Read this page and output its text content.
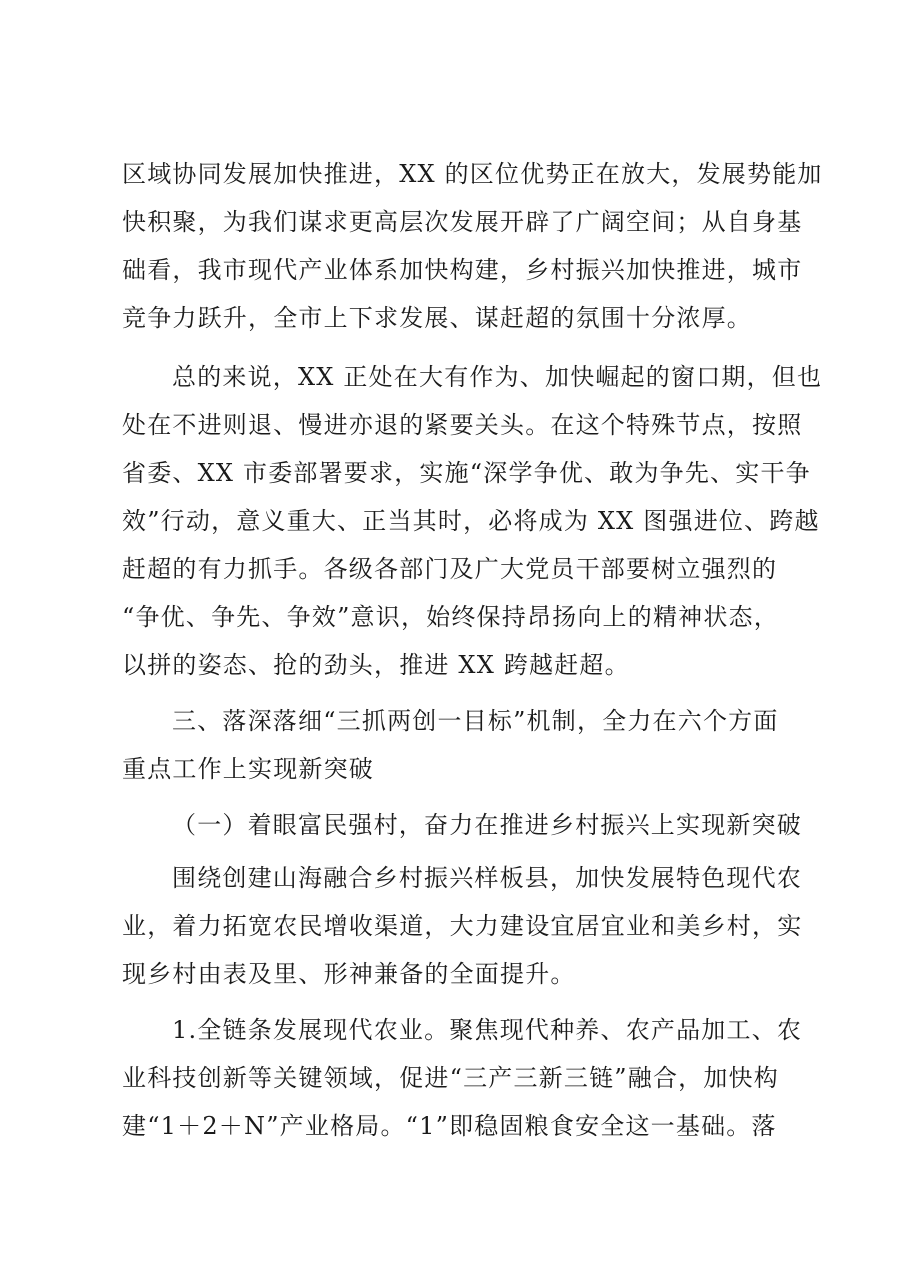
区域协同发展加快推进，XX 的区位优势正在放大，发展势能加
快积聚，为我们谋求更高层次发展开辟了广阔空间；从自身基
础看，我市现代产业体系加快构建，乡村振兴加快推进，城市
竞争力跃升，全市上下求发展、谋赶超的氛围十分浓厚。
总的来说，XX 正处在大有作为、加快崛起的窗口期，但也
处在不进则退、慢进亦退的紧要关头。在这个特殊节点，按照
省委、XX 市委部署要求，实施“深学争优、敢为争先、实干争
效”行动，意义重大、正当其时，必将成为 XX 图强进位、跨越
赶超的有力抓手。各级各部门及广大党员干部要树立强烈的
“争优、争先、争效”意识，始终保持昂扬向上的精神状态，
以拼的姿态、抢的劲头，推进 XX 跨越赶超。
三、落深落细“三抓两创一目标”机制，全力在六个方面
重点工作上实现新突破
（一）着眼富民强村，奋力在推进乡村振兴上实现新突破
围绕创建山海融合乡村振兴样板县，加快发展特色现代农
业，着力拓宽农民增收渠道，大力建设宜居宜业和美乡村，实
现乡村由表及里、形神兼备的全面提升。
1.全链条发展现代农业。聚焦现代种养、农产品加工、农
业科技创新等关键领域，促进“三产三新三链”融合，加快构
建“1＋2＋N”产业格局。“1”即稳固粮食安全这一基础。落
